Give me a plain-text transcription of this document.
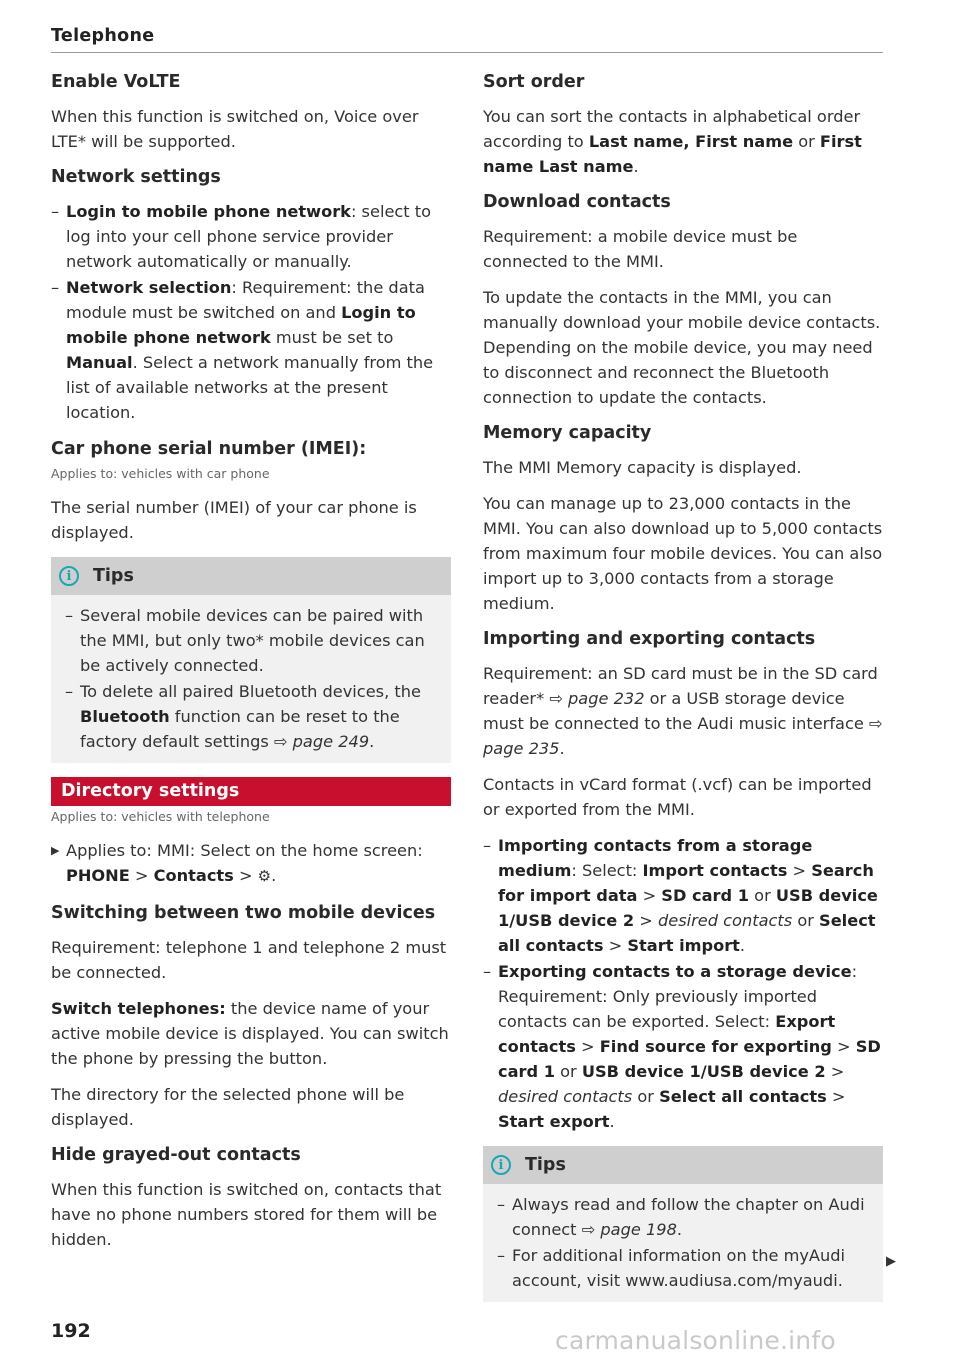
Telephone
Enable VoLTE

When this function is switched on, Voice over LTE* will be supported.

Network settings
– Login to mobile phone network: select to log into your cell phone service provider network automatically or manually.
– Network selection: Requirement: the data module must be switched on and Login to mobile phone network must be set to Manual. Select a network manually from the list of available networks at the present location.
Car phone serial number (IMEI):
Applies to: vehicles with car phone

The serial number (IMEI) of your car phone is displayed.

i	Tips
– Several mobile devices can be paired with the MMI, but only two* mobile devices can be actively connected.
– To delete all paired Bluetooth devices, the Bluetooth function can be reset to the factory default settings ⇨ page 249.
Directory settings
Applies to: vehicles with telephone
▶ Applies to: MMI: Select on the home screen: PHONE > Contacts > ⚙.
Switching between two mobile devices

Requirement: telephone 1 and telephone 2 must be connected.

Switch telephones: the device name of your active mobile device is displayed. You can switch the phone by pressing the button.

The directory for the selected phone will be displayed.

Hide grayed-out contacts

When this function is switched on, contacts that have no phone numbers stored for them will be hidden.

Sort order

You can sort the contacts in alphabetical order according to Last name, First name or First name Last name.

Download contacts

Requirement: a mobile device must be connected to the MMI.

To update the contacts in the MMI, you can manually download your mobile device contacts. Depending on the mobile device, you may need to disconnect and reconnect the Bluetooth connection to update the contacts.

Memory capacity

The MMI Memory capacity is displayed.

You can manage up to 23,000 contacts in the MMI. You can also download up to 5,000 contacts from maximum four mobile devices. You can also import up to 3,000 contacts from a storage medium.

Importing and exporting contacts

Requirement: an SD card must be in the SD card reader* ⇨ page 232 or a USB storage device must be connected to the Audi music interface ⇨ page 235.

Contacts in vCard format (.vcf) can be imported or exported from the MMI.

– Importing contacts from a storage medium: Select: Import contacts > Search for import data > SD card 1 or USB device 1/USB device 2 > desired contacts or Select all contacts > Start import.
– Exporting contacts to a storage device: Requirement: Only previously imported contacts can be exported. Select: Export contacts > Find source for exporting > SD card 1 or USB device 1/USB device 2 > desired contacts or Select all contacts > Start export.
i	Tips
– Always read and follow the chapter on Audi connect ⇨ page 198.
– For additional information on the myAudi account, visit www.audiusa.com/myaudi.
▶
192	carmanualsonline.info
